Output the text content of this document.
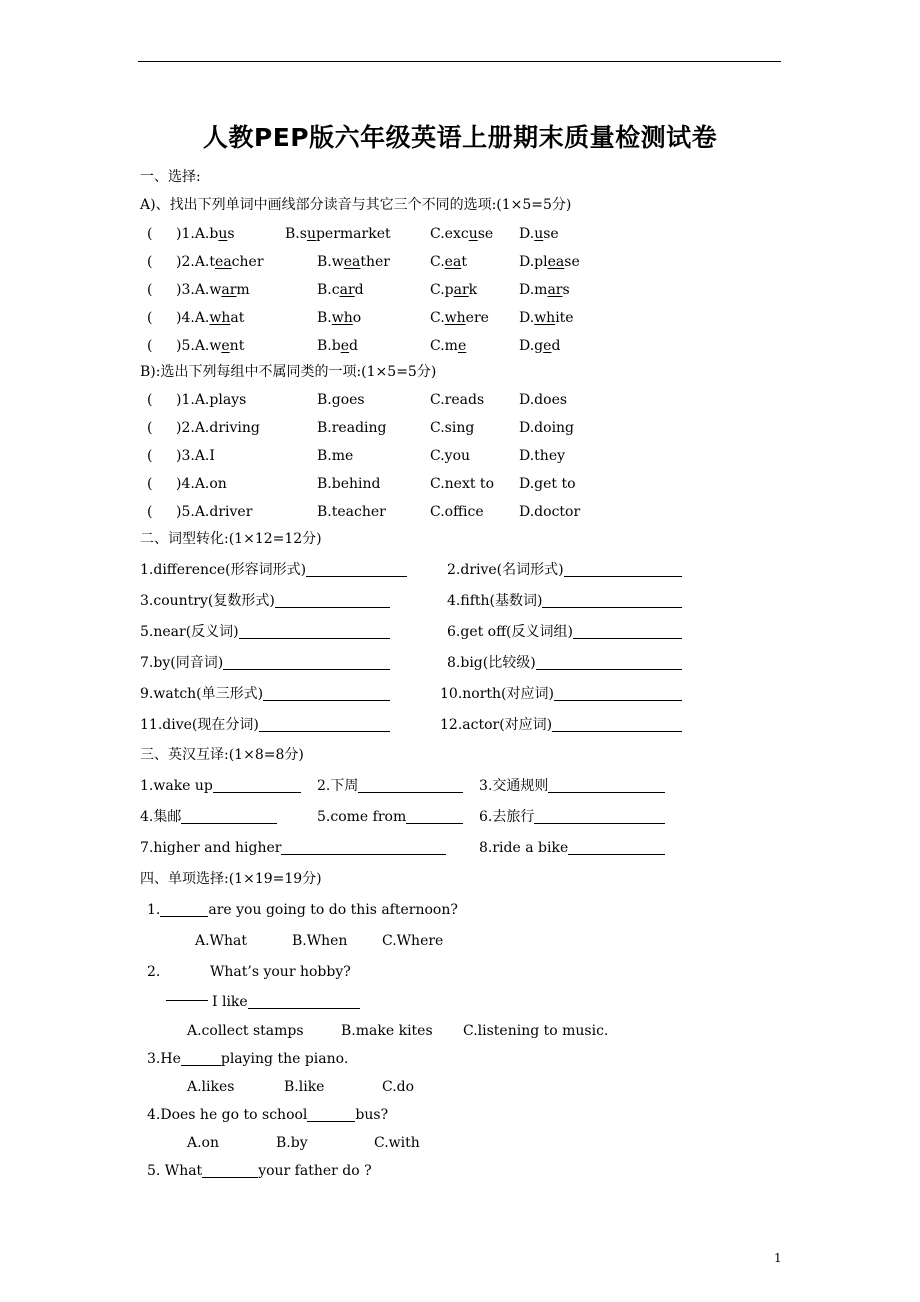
人教PEP版六年级英语上册期末质量检测试卷
一、选择:
A)、找出下列单词中画线部分读音与其它三个不同的选项:(1×5=5分)
( )1.A.bus	B.supermarket	C.excuse D.use
( )2.A.teacher	B.weather	C.eat	D.please
( )3.A.warm	B.card	C.park	D.mars
( )4.A.what	B.who	C.where D.white
( )5.A.went	B.bed	C.me	D.ged
B):选出下列每组中不属同类的一项:(1×5=5分)
( )1.A.plays	B.goes	C.reads D.does
( )2.A.driving	B.reading	C.sing	D.doing
( )3.A.I	B.me	C.you	D.they
( )4.A.on	B.behind	C.next to D.get to
( )5.A.driver	B.teacher	C.office	D.doctor
二、词型转化:(1×12=12分)
1.difference(形容词形式)	2.drive(名词形式)
3.country(复数形式)	4.fifth(基数词)
5.near(反义词)	6.get off(反义词组)
7.by(同音词)	8.big(比较级)
9.watch(单三形式)	10.north(对应词)
11.dive(现在分词)	12.actor(对应词)
三、英汉互译:(1×8=8分)
1.wake up	2.下周	3.交通规则
4.集邮	5.come from	6.去旅行
7.higher and higher	8.ride a bike
四、单项选择:(1×19=19分)
1.	are you going to do this afternoon?
A.What	B.When C.Where
2.	What’s your hobby?
I like
A.collect stamps	B.make kites C.listening to music.
3.He	playing the piano.
A.likes	B.like	C.do
4.Does he go to school	bus?
A.on	B.by	C.with
5. What	your father do ?
1
